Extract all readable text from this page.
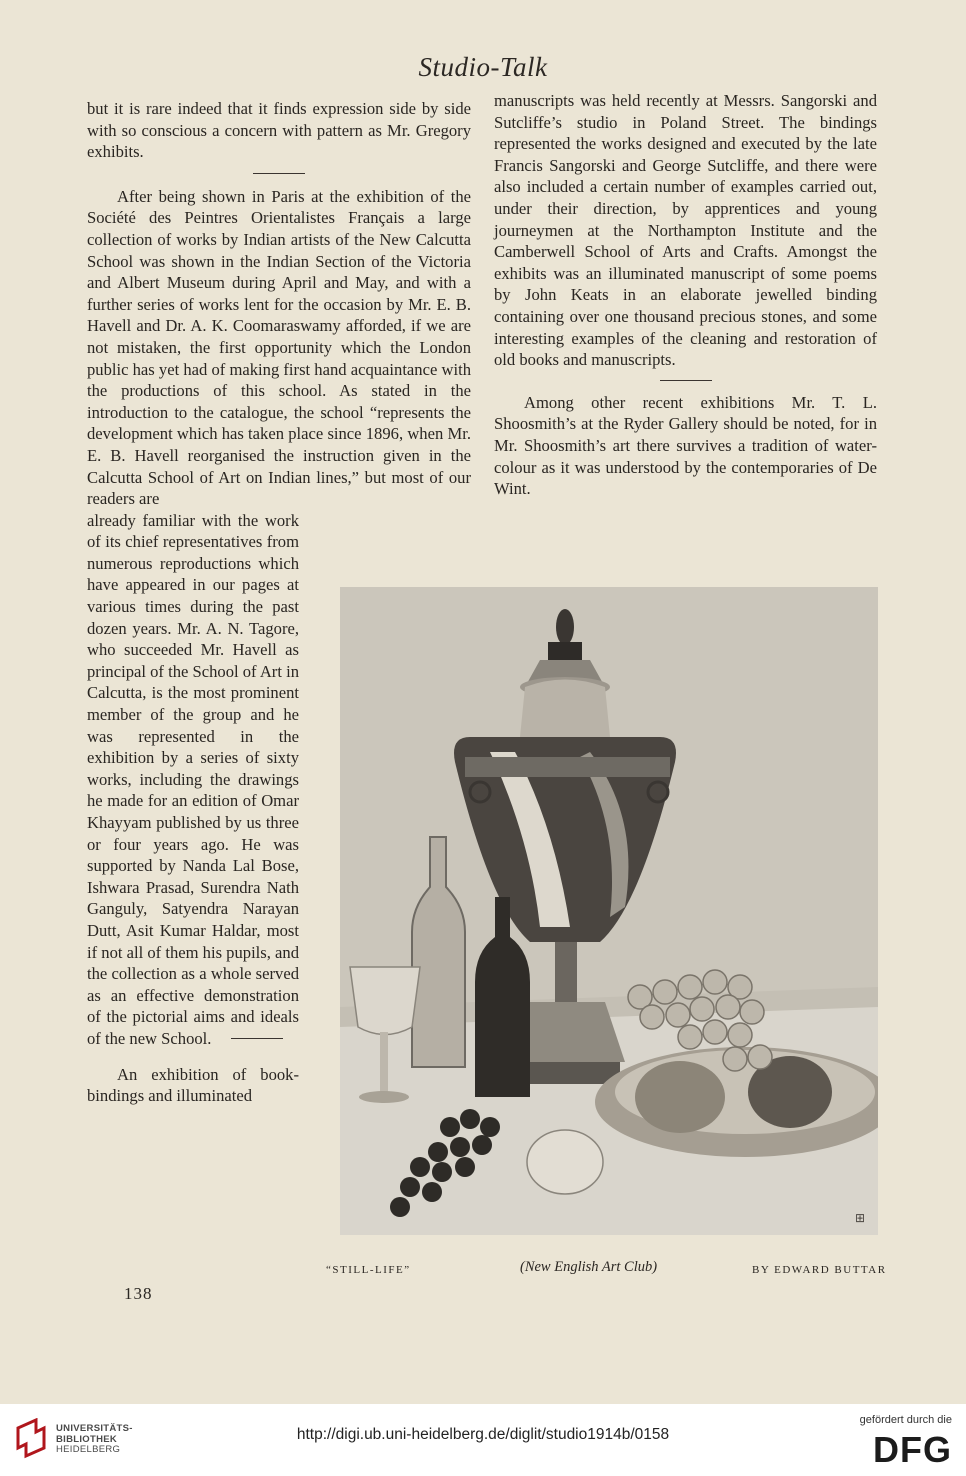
Studio-Talk

but it is rare indeed that it finds expression side by side with so conscious a concern with pattern as Mr. Gregory exhibits.

After being shown in Paris at the exhibition of the Société des Peintres Orientalistes Français a large collection of works by Indian artists of the New Calcutta School was shown in the Indian Section of the Victoria and Albert Museum during April and May, and with a further series of works lent for the occasion by Mr. E. B. Havell and Dr. A. K. Coomaraswamy afforded, if we are not mistaken, the first opportunity which the London public has yet had of making first hand acquaintance with the productions of this school. As stated in the introduction to the catalogue, the school “represents the development which has taken place since 1896, when Mr. E. B. Havell reorganised the instruction given in the Calcutta School of Art on Indian lines,” but most of our readers are

already familiar with the work of its chief representatives from numerous reproductions which have appeared in our pages at various times during the past dozen years. Mr. A. N. Tagore, who succeeded Mr. Havell as principal of the School of Art in Calcutta, is the most prominent member of the group and he was represented in the exhibition by a series of sixty works, including the drawings he made for an edition of Omar Khayyam published by us three or four years ago. He was supported by Nanda Lal Bose, Ishwara Prasad, Surendra Nath Ganguly, Satyendra Narayan Dutt, Asit Kumar Haldar, most if not all of them his pupils, and the collection as a whole served as an effective demonstration of the pictorial aims and ideals of the new School.

An exhibition of book-bindings and illuminated

manuscripts was held recently at Messrs. Sangorski and Sutcliffe’s studio in Poland Street. The bindings represented the works designed and executed by the late Francis Sangorski and George Sutcliffe, and there were also included a certain number of examples carried out, under their direction, by apprentices and young journeymen at the Northampton Institute and the Camberwell School of Arts and Crafts. Amongst the exhibits was an illuminated manuscript of some poems by John Keats in an elaborate jewelled binding containing over one thousand precious stones, and some interesting examples of the cleaning and restoration of old books and manuscripts.

Among other recent exhibitions Mr. T. L. Shoosmith’s at the Ryder Gallery should be noted, for in Mr. Shoosmith’s art there survives a tradition of water-colour as it was understood by the contemporaries of De Wint.

⊞
“STILL-LIFE”	(New English Art Club)	BY EDWARD BUTTAR
138
UNIVERSITÄTS-
BIBLIOTHEK
HEIDELBERG
http://digi.ub.uni-heidelberg.de/diglit/studio1914b/0158
gefördert durch die
DFG
